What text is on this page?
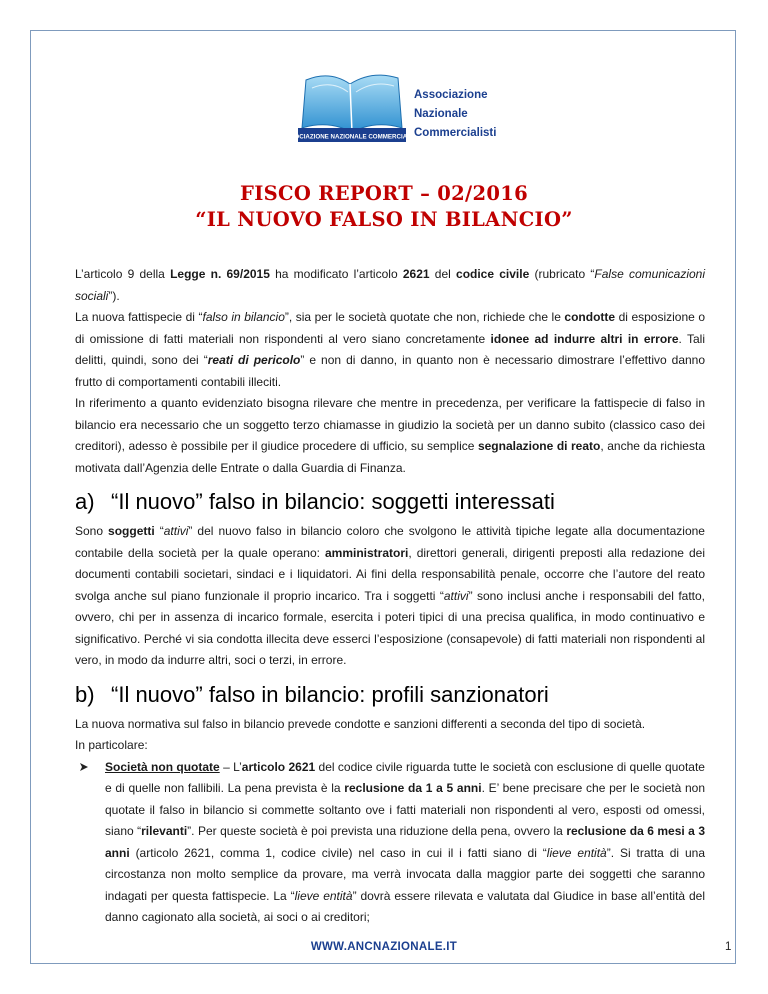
ASSOCIAZIONE NAZIONALE COMMERCIALISTI
Associazione
Nazionale
Commercialisti
FISCO REPORT – 02/2016
“IL NUOVO FALSO IN BILANCIO”

L’articolo 9 della Legge n. 69/2015 ha modificato l’articolo 2621 del codice civile (rubricato “False comunicazioni sociali”).

La nuova fattispecie di “falso in bilancio”, sia per le società quotate che non, richiede che le condotte di esposizione o di omissione di fatti materiali non rispondenti al vero siano concretamente idonee ad indurre altri in errore. Tali delitti, quindi, sono dei “reati di pericolo” e non di danno, in quanto non è necessario dimostrare l’effettivo danno frutto di comportamenti contabili illeciti.

In riferimento a quanto evidenziato bisogna rilevare che mentre in precedenza, per verificare la fattispecie di falso in bilancio era necessario che un soggetto terzo chiamasse in giudizio la società per un danno subito (classico caso dei creditori), adesso è possibile per il giudice procedere di ufficio, su semplice segnalazione di reato, anche da richiesta motivata dall’Agenzia delle Entrate o dalla Guardia di Finanza.

a) “Il nuovo” falso in bilancio: soggetti interessati

Sono soggetti “attivi” del nuovo falso in bilancio coloro che svolgono le attività tipiche legate alla documentazione contabile della società per la quale operano: amministratori, direttori generali, dirigenti preposti alla redazione dei documenti contabili societari, sindaci e i liquidatori. Ai fini della responsabilità penale, occorre che l’autore del reato svolga anche sul piano funzionale il proprio incarico. Tra i soggetti “attivi” sono inclusi anche i responsabili del fatto, ovvero, chi per in assenza di incarico formale, esercita i poteri tipici di una precisa qualifica, in modo continuativo e significativo. Perché vi sia condotta illecita deve esserci l’esposizione (consapevole) di fatti materiali non rispondenti al vero, in modo da indurre altri, soci o terzi, in errore.

b) “Il nuovo” falso in bilancio: profili sanzionatori

La nuova normativa sul falso in bilancio prevede condotte e sanzioni differenti a seconda del tipo di società.

In particolare:

Società non quotate – L’articolo 2621 del codice civile riguarda tutte le società con esclusione di quelle quotate e di quelle non fallibili. La pena prevista è la reclusione da 1 a 5 anni. E’ bene precisare che per le società non quotate il falso in bilancio si commette soltanto ove i fatti materiali non rispondenti al vero, esposti od omessi, siano “rilevanti”. Per queste società è poi prevista una riduzione della pena, ovvero la reclusione da 6 mesi a 3 anni (articolo 2621, comma 1, codice civile) nel caso in cui il i fatti siano di “lieve entità”. Si tratta di una circostanza non molto semplice da provare, ma verrà invocata dalla maggior parte dei soggetti che saranno indagati per questa fattispecie. La “lieve entità” dovrà essere rilevata e valutata dal Giudice in base all’entità del danno cagionato alla società, ai soci o ai creditori;

WWW.ANCNAZIONALE.IT	1
